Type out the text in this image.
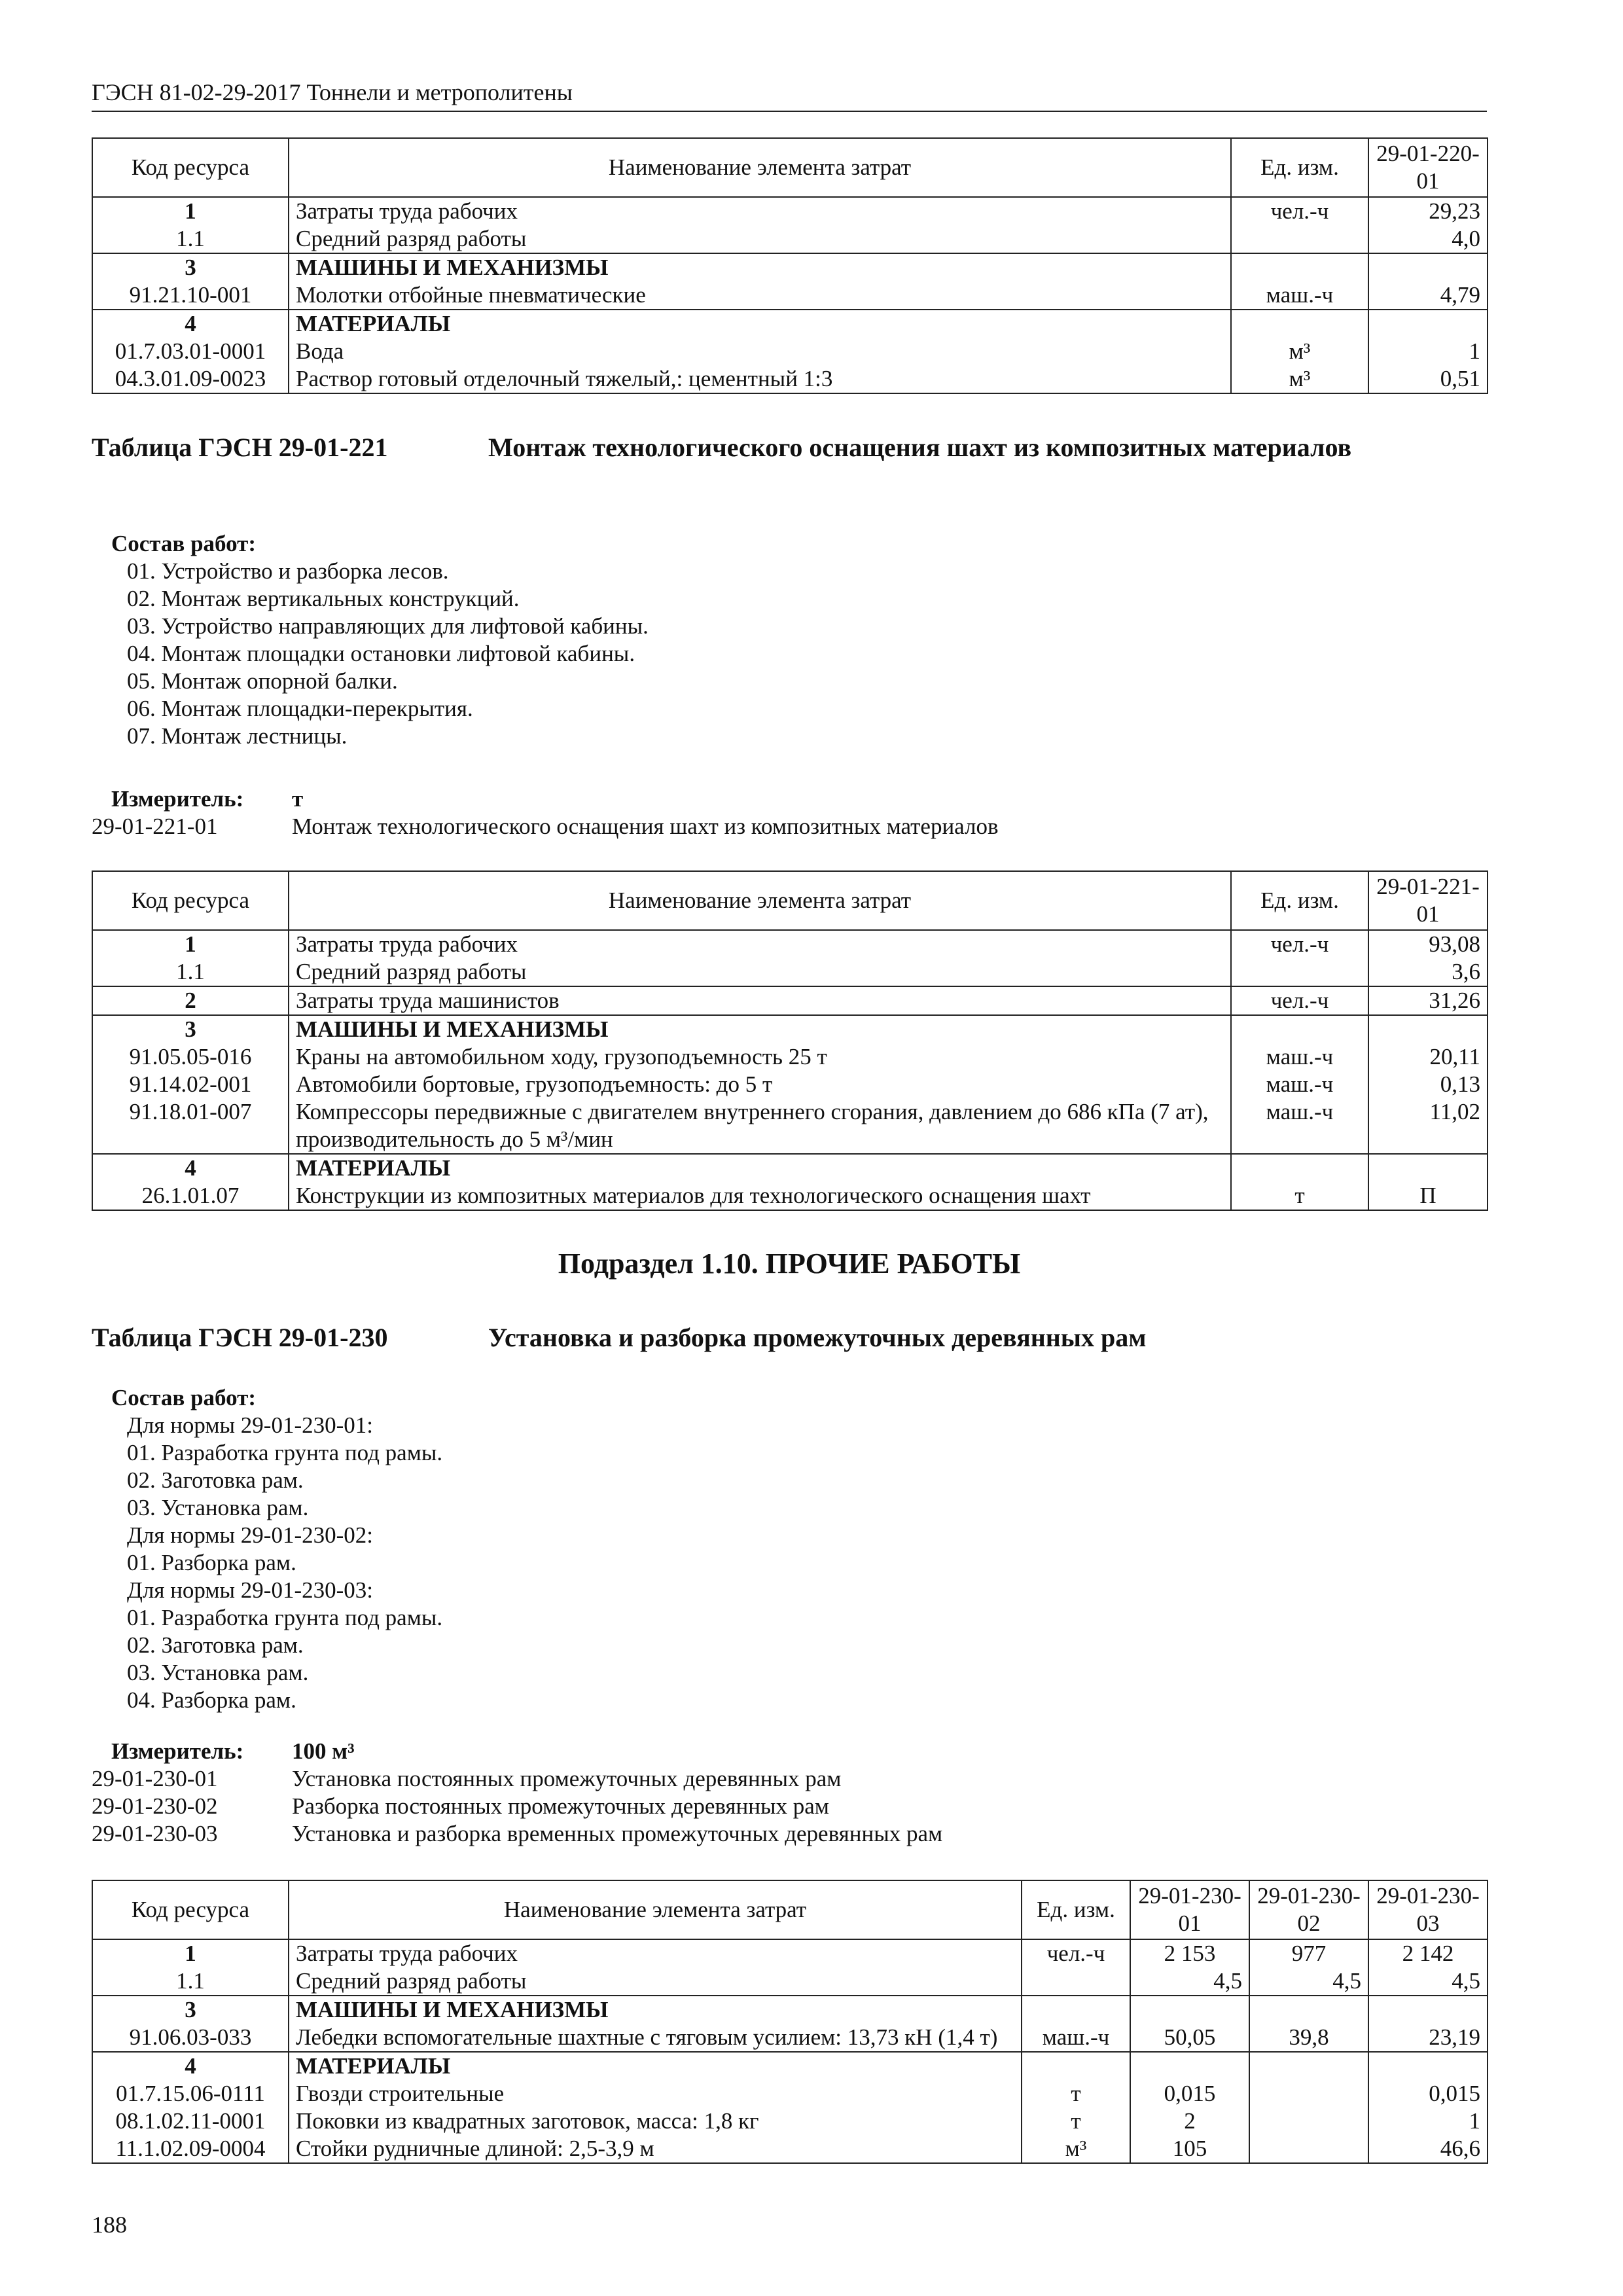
ГЭСН 81-02-29-2017 Тоннели и метрополитены
Код ресурса	Наименование элемента затрат	Ед. изм.	29-01-220-01
1	Затраты труда рабочих	чел.-ч	29,23
1.1	Средний разряд работы		4,0
3	МАШИНЫ И МЕХАНИЗМЫ		
91.21.10-001	Молотки отбойные пневматические	маш.-ч	4,79
4	МАТЕРИАЛЫ		
01.7.03.01-0001	Вода	м³	1
04.3.01.09-0023	Раствор готовый отделочный тяжелый,: цементный 1:3	м³	0,51
Таблица ГЭСН 29-01-221	Монтаж технологического оснащения шахт из композитных материалов
Состав работ:
01. Устройство и разборка лесов.
02. Монтаж вертикальных конструкций.
03. Устройство направляющих для лифтовой кабины.
04. Монтаж площадки остановки лифтовой кабины.
05. Монтаж опорной балки.
06. Монтаж площадки-перекрытия.
07. Монтаж лестницы.
Измеритель:	т
29-01-221-01	Монтаж технологического оснащения шахт из композитных материалов
Код ресурса	Наименование элемента затрат	Ед. изм.	29-01-221-01
1	Затраты труда рабочих	чел.-ч	93,08
1.1	Средний разряд работы		3,6
2	Затраты труда машинистов	чел.-ч	31,26
3	МАШИНЫ И МЕХАНИЗМЫ		
91.05.05-016	Краны на автомобильном ходу, грузоподъемность 25 т	маш.-ч	20,11
91.14.02-001	Автомобили бортовые, грузоподъемность: до 5 т	маш.-ч	0,13
91.18.01-007	Компрессоры передвижные с двигателем внутреннего сгорания, давлением до 686 кПа (7 ат), производительность до 5 м³/мин	маш.-ч	11,02
4	МАТЕРИАЛЫ		
26.1.01.07	Конструкции из композитных материалов для технологического оснащения шахт	т	П
Подраздел 1.10. ПРОЧИЕ РАБОТЫ
Таблица ГЭСН 29-01-230	Установка и разборка промежуточных деревянных рам
Состав работ:
Для нормы 29-01-230-01:
01. Разработка грунта под рамы.
02. Заготовка рам.
03. Установка рам.
Для нормы 29-01-230-02:
01. Разборка рам.
Для нормы 29-01-230-03:
01. Разработка грунта под рамы.
02. Заготовка рам.
03. Установка рам.
04. Разборка рам.
Измеритель:	100 м³
29-01-230-01	Установка постоянных промежуточных деревянных рам
29-01-230-02	Разборка постоянных промежуточных деревянных рам
29-01-230-03	Установка и разборка временных промежуточных деревянных рам
Код ресурса	Наименование элемента затрат	Ед. изм.	29-01-230-01	29-01-230-02	29-01-230-03
1	Затраты труда рабочих	чел.-ч	2 153	977	2 142
1.1	Средний разряд работы		4,5	4,5	4,5
3	МАШИНЫ И МЕХАНИЗМЫ				
91.06.03-033	Лебедки вспомогательные шахтные с тяговым усилием: 13,73 кН (1,4 т)	маш.-ч	50,05	39,8	23,19
4	МАТЕРИАЛЫ				
01.7.15.06-0111	Гвозди строительные	т	0,015		0,015
08.1.02.11-0001	Поковки из квадратных заготовок, масса: 1,8 кг	т	2		1
11.1.02.09-0004	Стойки рудничные длиной: 2,5-3,9 м	м³	105		46,6
188
